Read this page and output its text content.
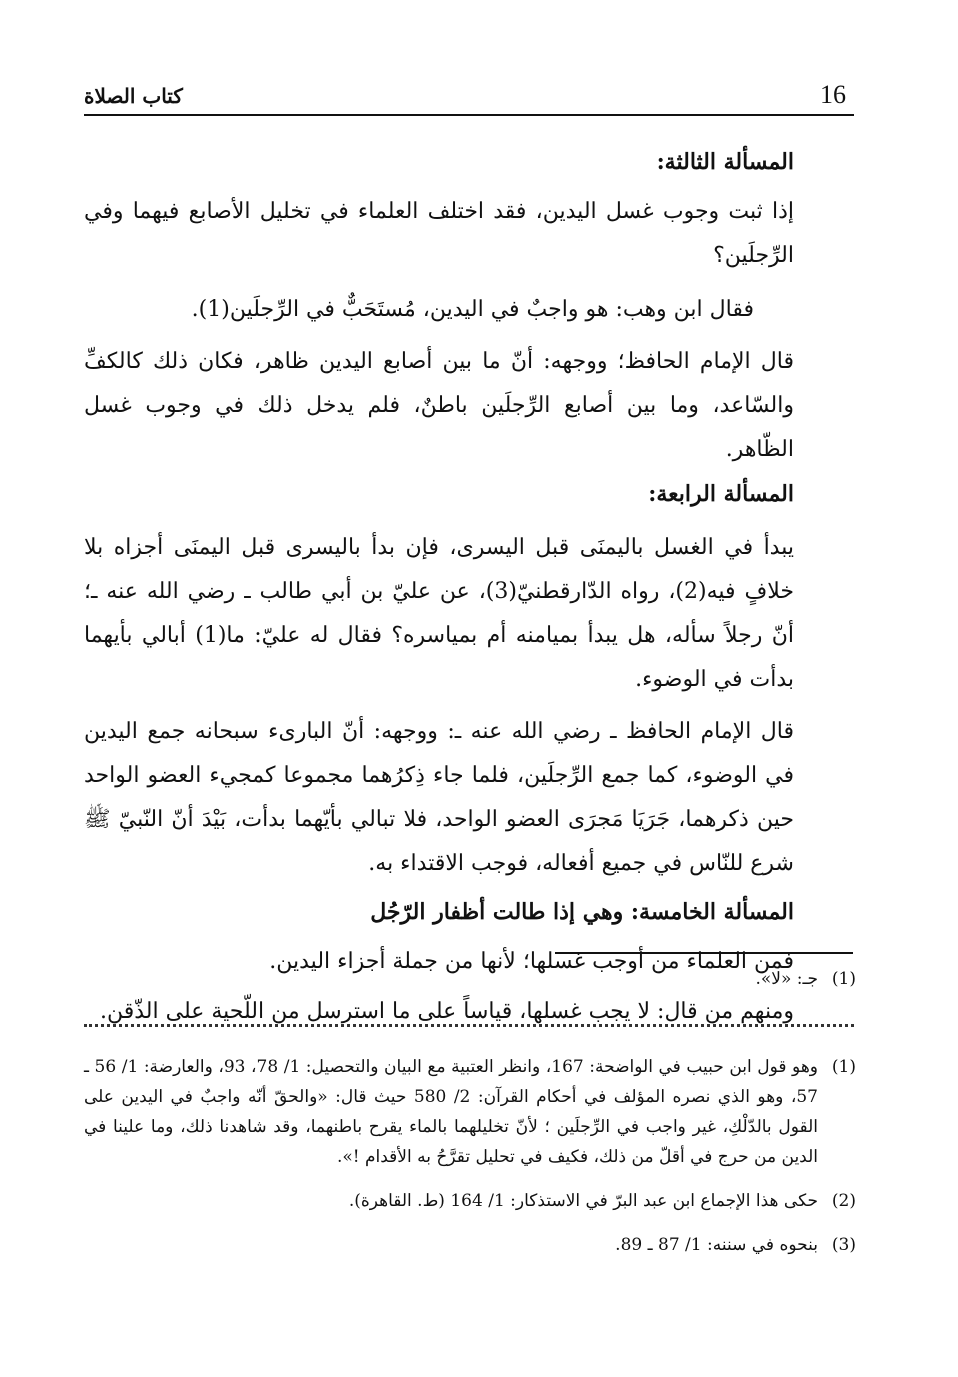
16
كتاب الصلاة

المسألة الثالثة:

إذا ثبت وجوب غسل اليدين، فقد اختلف العلماء في تخليل الأصابع فيهما وفي الرِّجلَين؟

فقال ابن وهب: هو واجبٌ في اليدين، مُستَحَبٌّ في الرِّجلَين(1).

قال الإمام الحافظ؛ ووجهه: أنّ ما بين أصابع اليدين ظاهر، فكان ذلك كالكفِّ والسّاعد، وما بين أصابع الرِّجلَين باطنٌ، فلم يدخل ذلك في وجوب غسل الظّاهر.

المسألة الرابعة:

يبدأ في الغسل باليمنَى قبل اليسرى، فإن بدأ باليسرى قبل اليمنَى أجزاه بلا خلافٍ فيه(2)، رواه الدّارقطنيّ(3)، عن عليّ بن أبي طالب ـ رضي الله عنه ـ؛ أنّ رجلاً سأله، هل يبدأ بميامنه أم بمياسره؟ فقال له عليّ: ما(1) أبالي بأيهما بدأت في الوضوء.

قال الإمام الحافظ ـ رضي الله عنه ـ: ووجهه: أنّ البارىء سبحانه جمع اليدين في الوضوء، كما جمع الرِّجلَين، فلما جاء ذِكرُهما مجموعا كمجيء العضو الواحد حين ذكرهما، جَرَيَا مَجرَى العضو الواحد، فلا تبالي بأيّهما بدأت، بَيْدَ أنّ النّبيّ ﷺ شرع للنّاس في جميع أفعاله، فوجب الاقتداء به.

المسألة الخامسة: وهي إذا طالت أظفار الرّجُل

فمن العلماء من أوجب غسلها؛ لأنها من جملة أجزاء اليدين.

ومنهم من قال: لا يجب غسلها، قياساً على ما استرسل من اللّحية على الذّقن.

(1)
جـ: «لا».
(1)
وهو قول ابن حبيب في الواضحة: 167، وانظر العتبية مع البيان والتحصيل: 1/ 78، 93، والعارضة: 1/ 56 ـ 57، وهو الذي نصره المؤلف في أحكام القرآن: 2/ 580 حيث قال: «والحقّ أنّه واجبٌ في اليدين على القول بالدّلْكِ، غير واجب في الرِّجلَين ؛ لأنّ تخليلهما بالماء يقرح باطنهما، وقد شاهدنا ذلك، وما علينا في الدين من حرج في أقلّ من ذلك، فكيف في تحليل تقرَّحُ به الأقدام !».
(2)
حكى هذا الإجماع ابن عبد البرّ في الاستذكار: 1/ 164 (ط. القاهرة).
(3)
بنحوه في سننه: 1/ 87 ـ 89.
